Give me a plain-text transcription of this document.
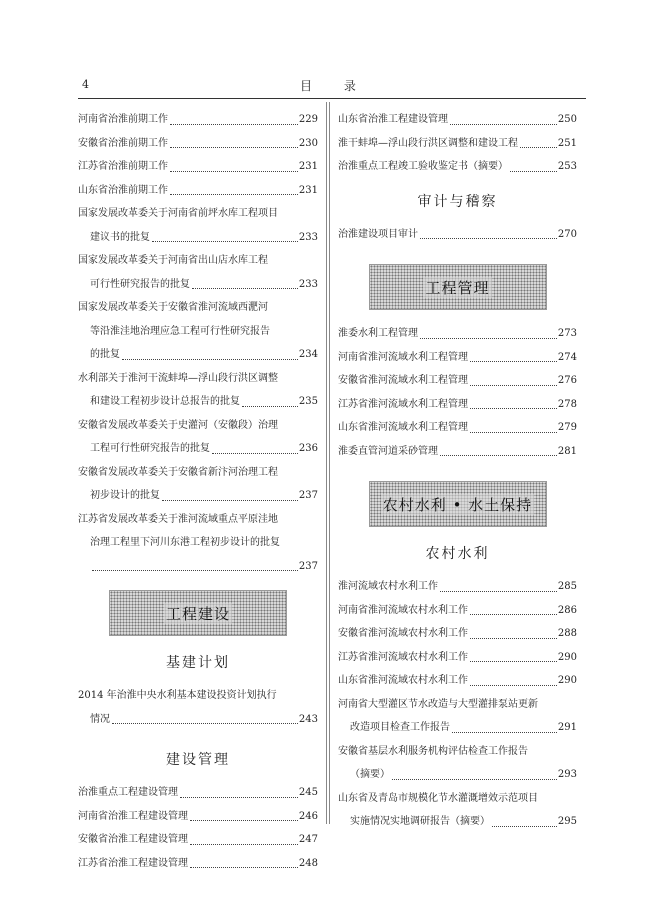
4	目 录
河南省治淮前期工作	229
安徽省治淮前期工作	230
江苏省治淮前期工作	231
山东省治淮前期工作	231
国家发展改革委关于河南省前坪水库工程项目
建议书的批复	233
国家发展改革委关于河南省出山店水库工程
可行性研究报告的批复	233
国家发展改革委关于安徽省淮河流域西淝河
等沿淮洼地治理应急工程可行性研究报告
的批复	234
水利部关于淮河干流蚌埠—浮山段行洪区调整
和建设工程初步设计总报告的批复	235
安徽省发展改革委关于史灌河（安徽段）治理
工程可行性研究报告的批复	236
安徽省发展改革委关于安徽省新汴河治理工程
初步设计的批复	237
江苏省发展改革委关于淮河流域重点平原洼地
治理工程里下河川东港工程初步设计的批复
237
工程建设
基建计划
2014 年治淮中央水利基本建设投资计划执行
情况	243
建设管理
治淮重点工程建设管理	245
河南省治淮工程建设管理	246
安徽省治淮工程建设管理	247
江苏省治淮工程建设管理	248
山东省治淮工程建设管理	250
淮干蚌埠—浮山段行洪区调整和建设工程	251
治淮重点工程竣工验收鉴定书（摘要）	253
审计与稽察
治淮建设项目审计	270
工程管理
淮委水利工程管理	273
河南省淮河流域水利工程管理	274
安徽省淮河流域水利工程管理	276
江苏省淮河流域水利工程管理	278
山东省淮河流域水利工程管理	279
淮委直管河道采砂管理	281
农村水利 • 水土保持
农村水利
淮河流域农村水利工作	285
河南省淮河流域农村水利工作	286
安徽省淮河流域农村水利工作	288
江苏省淮河流域农村水利工作	290
山东省淮河流域农村水利工作	290
河南省大型灌区节水改造与大型灌排泵站更新
改造项目检查工作报告	291
安徽省基层水利服务机构评估检查工作报告
（摘要）	293
山东省及青岛市规模化节水灌溉增效示范项目
实施情况实地调研报告（摘要）	295
